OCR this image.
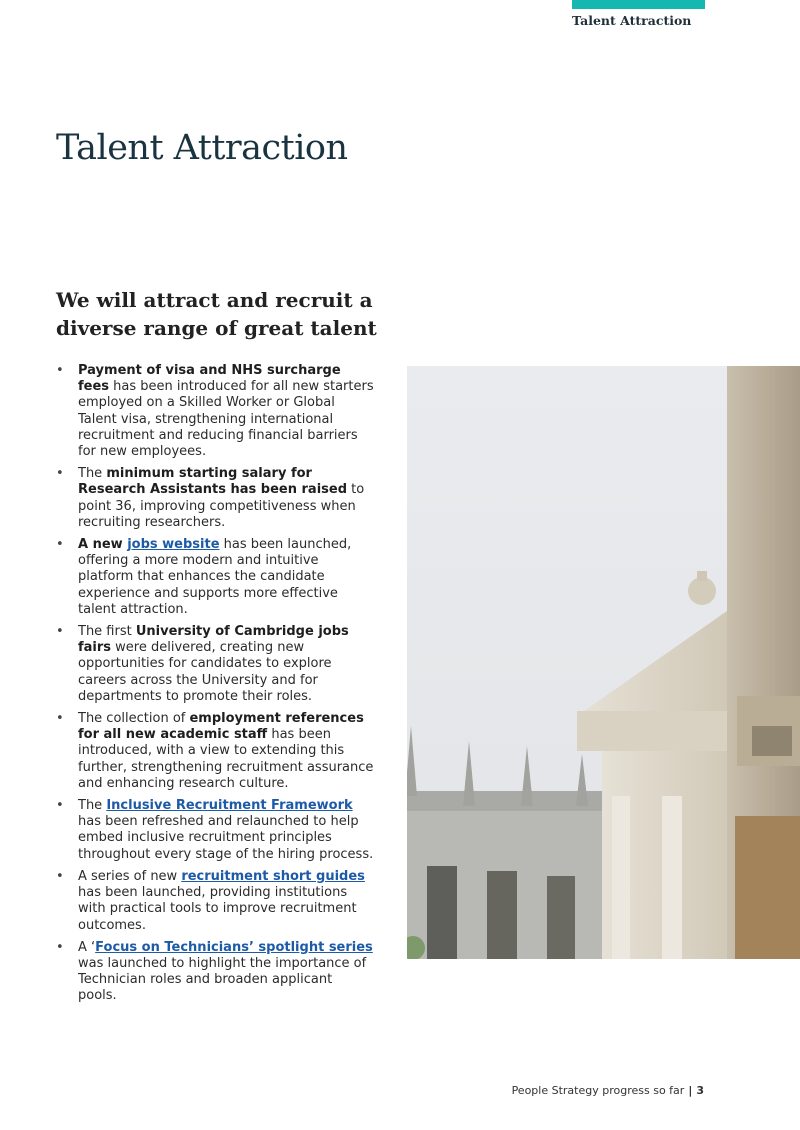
Talent Attraction
Talent Attraction
We will attract and recruit a diverse range of great talent
• Payment of visa and NHS surcharge fees has been introduced for all new starters employed on a Skilled Worker or Global Talent visa, strengthening international recruitment and reducing financial barriers for new employees.
• The minimum starting salary for Research Assistants has been raised to point 36, improving competitiveness when recruiting researchers.
• A new jobs website has been launched, offering a more modern and intuitive platform that enhances the candidate experience and supports more effective talent attraction.
• The first University of Cambridge jobs fairs were delivered, creating new opportunities for candidates to explore careers across the University and for departments to promote their roles.
• The collection of employment references for all new academic staff has been introduced, with a view to extending this further, strengthening recruitment assurance and enhancing research culture.
• The Inclusive Recruitment Framework has been refreshed and relaunched to help embed inclusive recruitment principles throughout every stage of the hiring process.
• A series of new recruitment short guides has been launched, providing institutions with practical tools to improve recruitment outcomes.
• A ‘Focus on Technicians’ spotlight series was launched to highlight the importance of Technician roles and broaden applicant pools.
People Strategy progress so far | 3
